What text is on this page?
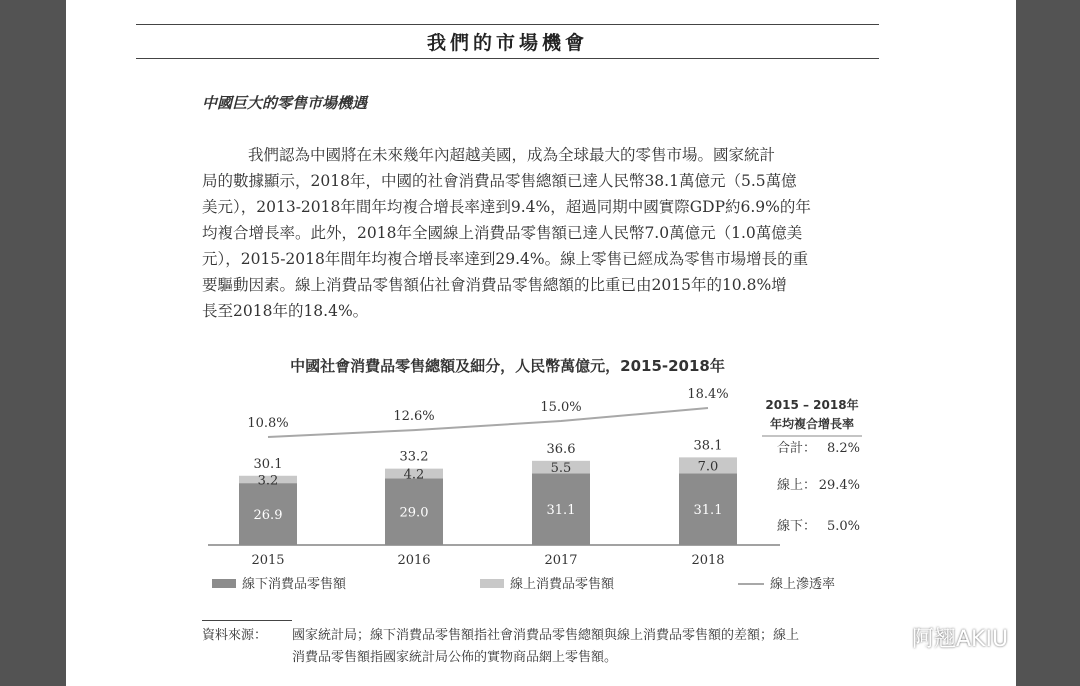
我們的市場機會
中國巨大的零售市場機遇
我們認為中國將在未來幾年內超越美國，成為全球最大的零售市場。國家統計
局的數據顯示，2018年，中國的社會消費品零售總額已達人民幣38.1萬億元（5.5萬億
美元），2013-2018年間年均複合增長率達到9.4%，超過同期中國實際GDP約6.9%的年
均複合增長率。此外，2018年全國線上消費品零售額已達人民幣7.0萬億元（1.0萬億美
元），2015-2018年間年均複合增長率達到29.4%。線上零售已經成為零售市場增長的重
要驅動因素。線上消費品零售額佔社會消費品零售總額的比重已由2015年的10.8%增
長至2018年的18.4%。
中國社會消費品零售總額及細分，人民幣萬億元，2015-2018年
26.9
3.2
30.1
2015
29.0
4.2
33.2
2016
31.1
5.5
36.6
2017
31.1
7.0
38.1
2018
10.8%	12.6%
15.0%
18.4%
2015 – 2018年
年均複合增長率
合計： 8.2%
線上： 29.4%
線下： 5.0%
線下消費品零售額	線上消費品零售額	線上滲透率
資料來源： 國家統計局；線下消費品零售額指社會消費品零售總額與線上消費品零售額的差額；線上
消費品零售額指國家統計局公佈的實物商品網上零售額。
阿翘AKIU
